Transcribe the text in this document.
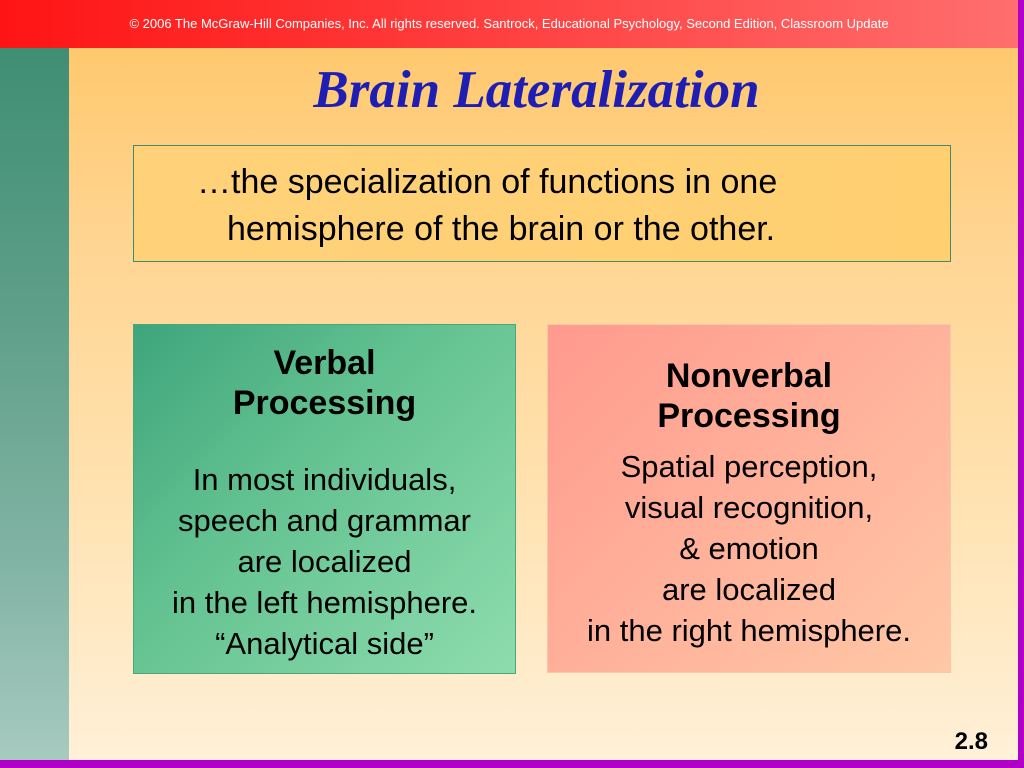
© 2006 The McGraw-Hill Companies, Inc. All rights reserved. Santrock, Educational Psychology, Second Edition, Classroom Update
Brain Lateralization
…the specialization of functions in one
hemisphere of the brain or the other.
Verbal
Processing
In most individuals,
speech and grammar
are localized
in the left hemisphere.
“Analytical side”
Nonverbal
Processing
Spatial perception,
visual recognition,
& emotion
are localized
in the right hemisphere.
2.8
